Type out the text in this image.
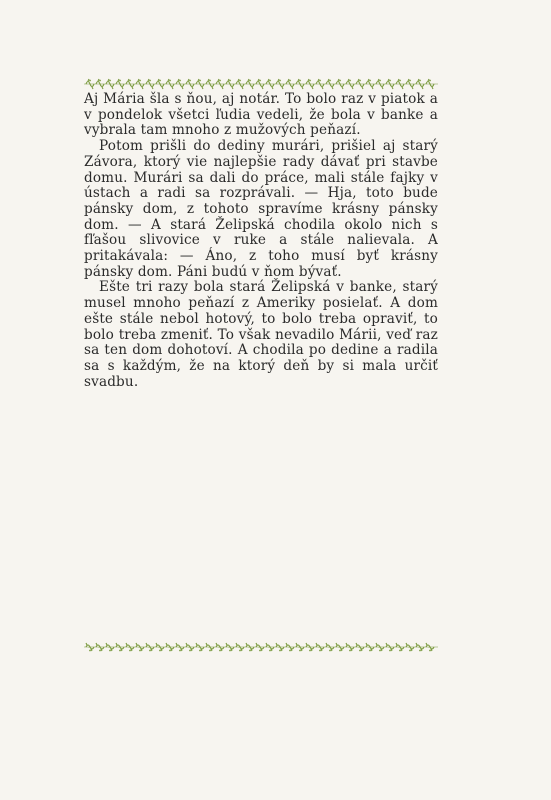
Aj Mária šla s ňou, aj notár. To bolo raz v piatok a v pondelok všetci ľudia vedeli, že bola v banke a vybrala tam mnoho z mužových peňazí.

Potom prišli do dediny murári, prišiel aj starý Závora, ktorý vie najlepšie rady dávať pri stavbe domu. Murári sa dali do práce, mali stále fajky v ústach a radi sa rozprávali. — Hja, toto bude pánsky dom, z tohoto spravíme krásny pánsky dom. — A stará Želipská chodila okolo nich s fľašou slivovice v ruke a stále nalievala. A pritakávala: — Áno, z toho musí byť krásny pánsky dom. Páni budú v ňom bývať.

Ešte tri razy bola stará Želipská v banke, starý musel mnoho peňazí z Ameriky posielať. A dom ešte stále nebol hotový, to bolo treba opraviť, to bolo treba zmeniť. To však nevadilo Márii, veď raz sa ten dom dohotoví. A chodila po dedine a radila sa s každým, že na ktorý deň by si mala určiť svadbu.
